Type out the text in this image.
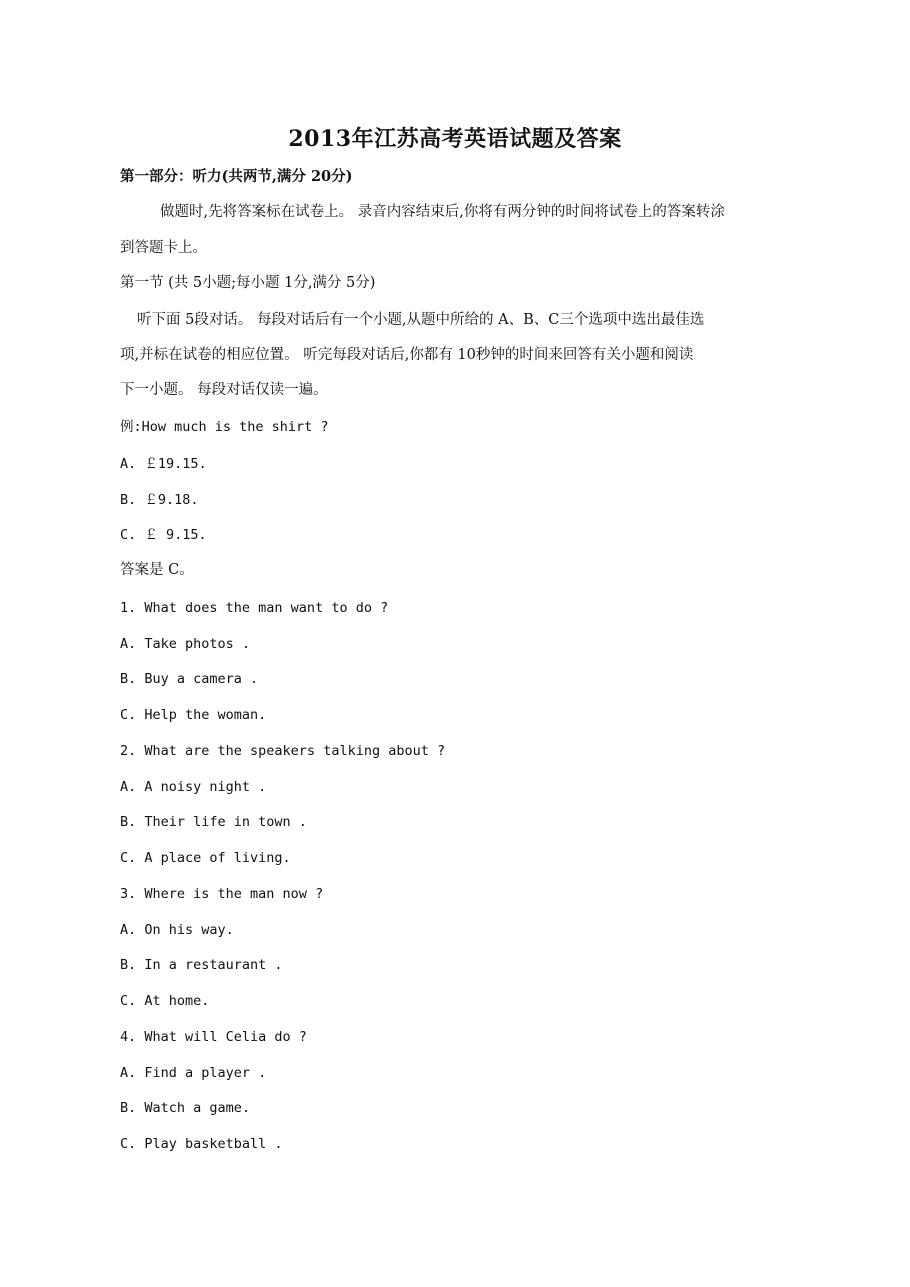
2013年江苏高考英语试题及答案
第一部分：听力(共两节,满分 20分)
做题时,先将答案标在试卷上。 录音内容结束后,你将有两分钟的时间将试卷上的答案转涂
到答题卡上。
第一节 (共 5小题;每小题 1分,满分 5分)
听下面 5段对话。 每段对话后有一个小题,从题中所给的 A、B、C三个选项中选出最佳选
项,并标在试卷的相应位置。 听完每段对话后,你都有 10秒钟的时间来回答有关小题和阅读
下一小题。 每段对话仅读一遍。
例:How much is the shirt ?
A. ￡19.15.
B. ￡9.18.
C. ￡ 9.15.
答案是 C。
1. What does the man want to do ?
A. Take photos .
B. Buy a camera .
C. Help the woman.
2. What are the speakers talking about ?
A. A noisy night .
B. Their life in town .
C. A place of living.
3. Where is the man now ?
A. On his way.
B. In a restaurant .
C. At home.
4. What will Celia do ?
A. Find a player .
B. Watch a game.
C. Play basketball .
